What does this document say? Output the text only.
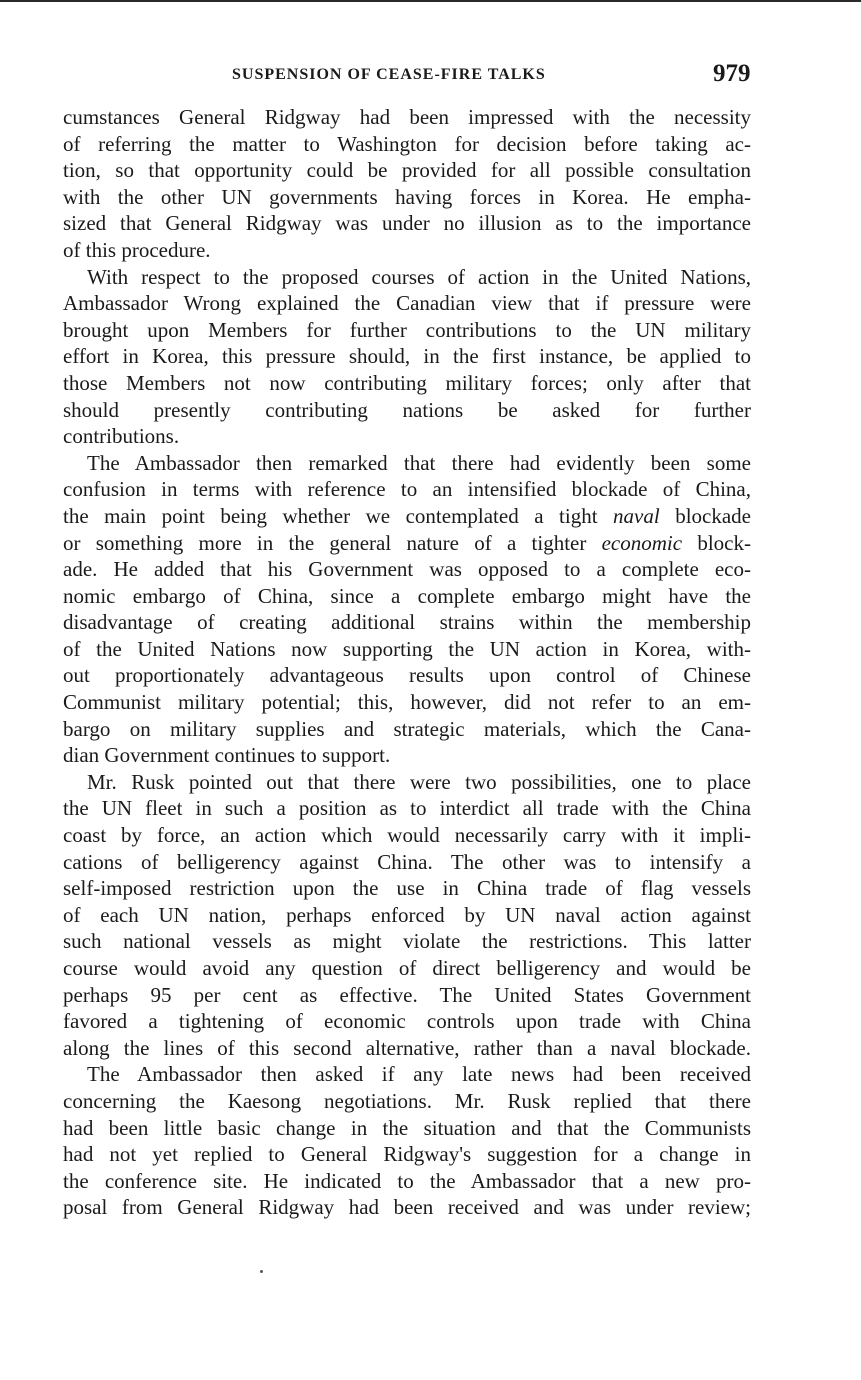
SUSPENSION OF CEASE-FIRE TALKS	979

cumstances General Ridgway had been impressed with the necessity
of referring the matter to Washington for decision before taking ac-
tion, so that opportunity could be provided for all possible consultation
with the other UN governments having forces in Korea. He empha-
sized that General Ridgway was under no illusion as to the importance
of this procedure.

With respect to the proposed courses of action in the United Nations,
Ambassador Wrong explained the Canadian view that if pressure were
brought upon Members for further contributions to the UN military
effort in Korea, this pressure should, in the first instance, be applied to
those Members not now contributing military forces; only after that
should presently contributing nations be asked for further
contributions.

The Ambassador then remarked that there had evidently been some
confusion in terms with reference to an intensified blockade of China,
the main point being whether we contemplated a tight naval blockade
or something more in the general nature of a tighter economic block-
ade. He added that his Government was opposed to a complete eco-
nomic embargo of China, since a complete embargo might have the
disadvantage of creating additional strains within the membership
of the United Nations now supporting the UN action in Korea, with-
out proportionately advantageous results upon control of Chinese
Communist military potential; this, however, did not refer to an em-
bargo on military supplies and strategic materials, which the Cana-
dian Government continues to support.

Mr. Rusk pointed out that there were two possibilities, one to place
the UN fleet in such a position as to interdict all trade with the China
coast by force, an action which would necessarily carry with it impli-
cations of belligerency against China. The other was to intensify a
self-imposed restriction upon the use in China trade of flag vessels
of each UN nation, perhaps enforced by UN naval action against
such national vessels as might violate the restrictions. This latter
course would avoid any question of direct belligerency and would be
perhaps 95 per cent as effective. The United States Government
favored a tightening of economic controls upon trade with China
along the lines of this second alternative, rather than a naval blockade.

The Ambassador then asked if any late news had been received
concerning the Kaesong negotiations. Mr. Rusk replied that there
had been little basic change in the situation and that the Communists
had not yet replied to General Ridgway's suggestion for a change in
the conference site. He indicated to the Ambassador that a new pro-
posal from General Ridgway had been received and was under review;
